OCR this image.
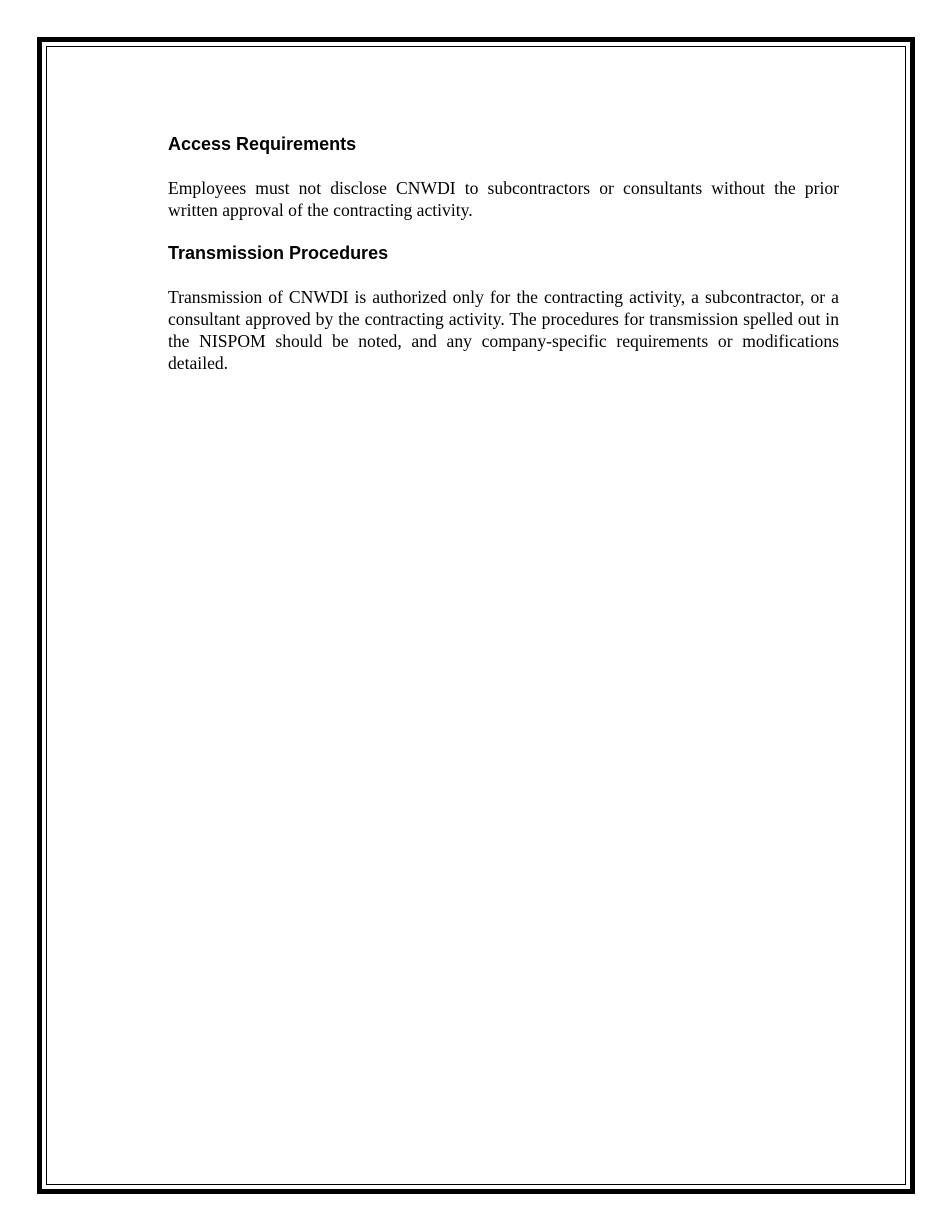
Access Requirements

Employees must not disclose CNWDI to subcontractors or consultants without the prior written approval of the contracting activity.

Transmission Procedures

Transmission of CNWDI is authorized only for the contracting activity, a subcontractor, or a consultant approved by the contracting activity. The procedures for transmission spelled out in the NISPOM should be noted, and any company-specific requirements or modifications detailed.
